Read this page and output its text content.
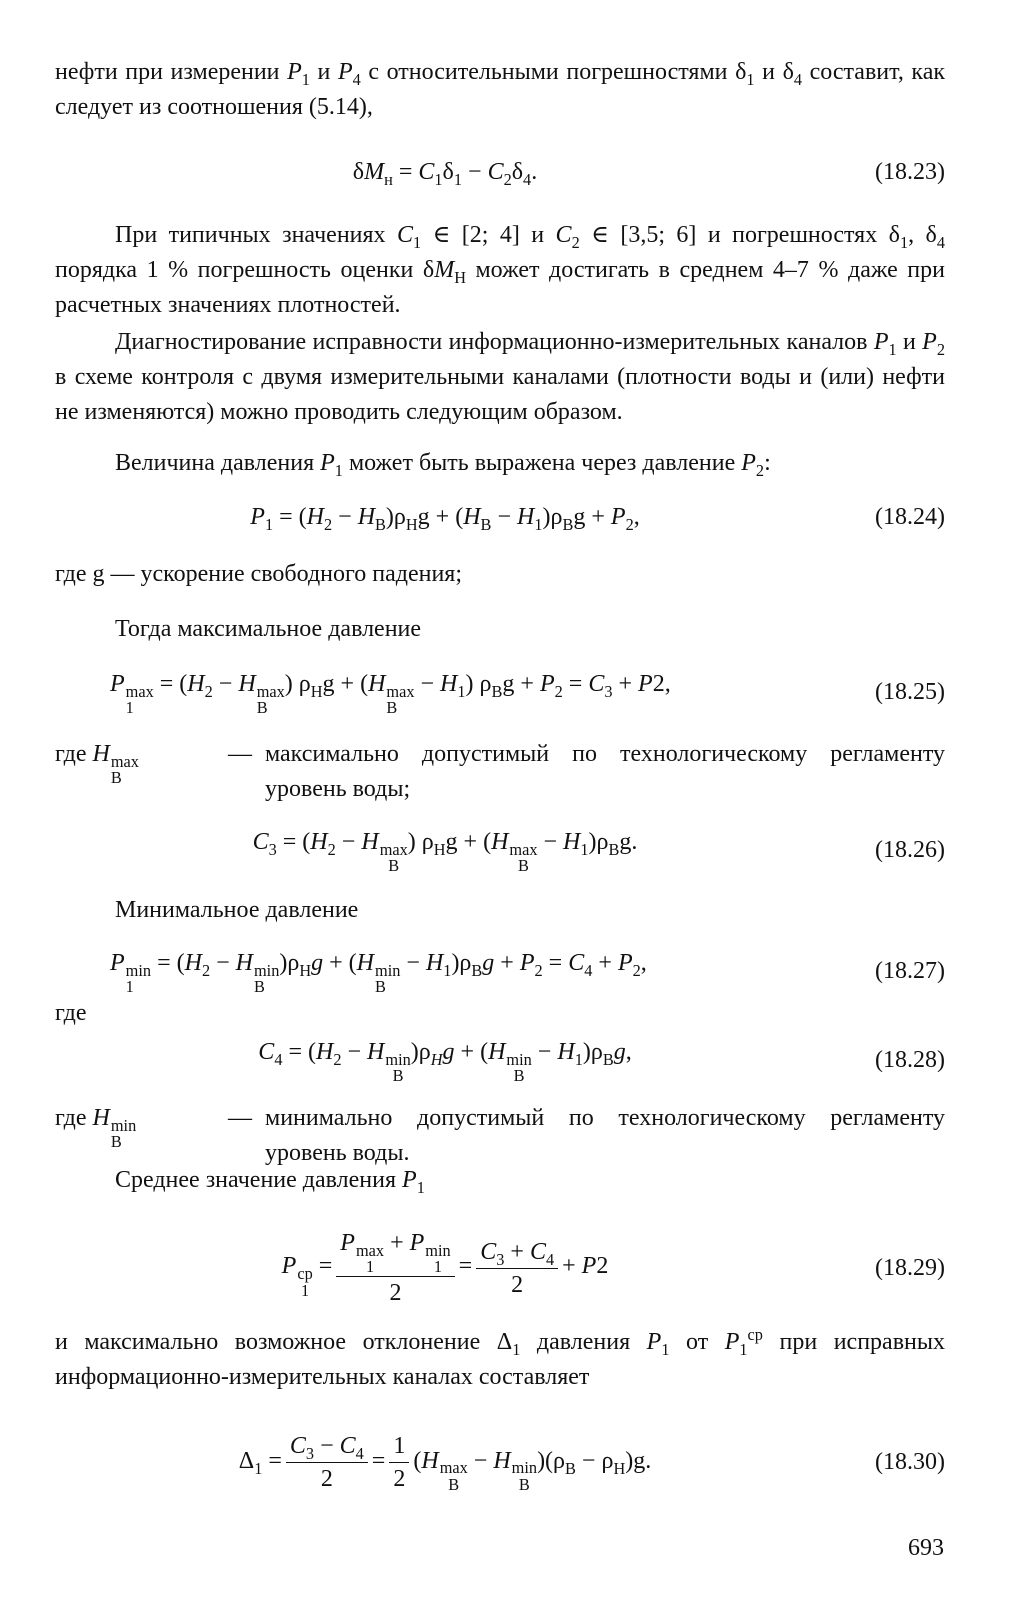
нефти при измерении $P_1$ и $P_4$ с относительными погрешностями $\delta_1$ и $\delta_4$ составит, как следует из соотношения (5.14),

$\delta M_н = C_1\delta_1 - C_2\delta_4$.	(18.23)

При типичных значениях $C_1$ ∈ [2; 4] и $C_2$ ∈ [3,5; 6] и погрешностях $\delta_1$, $\delta_4$ порядка 1 % погрешность оценки $\delta M_Н$ может достигать в среднем 4–7 % даже при расчетных значениях плотностей.

Диагностирование исправности информационно-измерительных каналов $P_1$ и $P_2$ в схеме контроля с двумя измерительными каналами (плотности воды и (или) нефти не изменяются) можно проводить следующим образом.

Величина давления $P_1$ может быть выражена через давление $P_2$:

$P_1 = (H_2 - H_В)\rho_Нg + (H_В - H_1)\rho_Вg + P_2$,	(18.24)

где g — ускорение свободного падения;

Тогда максимальное давление

P max
1
= ($H_2 - H$ max
В
) $\rho_Нg + (H$ max
В
− $H_1$) $\rho_Вg + P_2 = C_3 + P2$,	(18.25)
где H max
В
— максимально допустимый по технологическому регламенту уровень воды;
$C_3 = (H_2 - H$ max
В
) $\rho_Нg + (H$ max
В
− $H_1)\rho_Вg$.	(18.26)

Минимальное давление

P min
1
= ($H_2 - H$ min
В
)$\rho_Нg + (H$ min
В
− $H_1)\rho_Вg + P_2 = C_4 + P_2$,	(18.27)

где

$C_4 = (H_2 - H$ min
В
)$\rho_Нg + (H$ min
В
− $H_1)\rho_Вg$,	(18.28)
где H min
В
— минимально допустимый по технологическому регламенту уровень воды.

Среднее значение давления $P_1$

P ср
1
= P max
1
+ P min
1
$2 = \frac{C_3 + C_4}{2} + P2$	(18.29)

и максимально возможное отклонение $\Delta_1$ давления $P_1$ от $P_1^{ср}$ при исправных информационно-измерительных каналах составляет

$\Delta_1 = \frac{C_3 - C_4}{2} = \frac{1}{2} (H$ max
В
− H min
В
)$(\rho_В - \rho_Н)g$.	(18.30)
693
